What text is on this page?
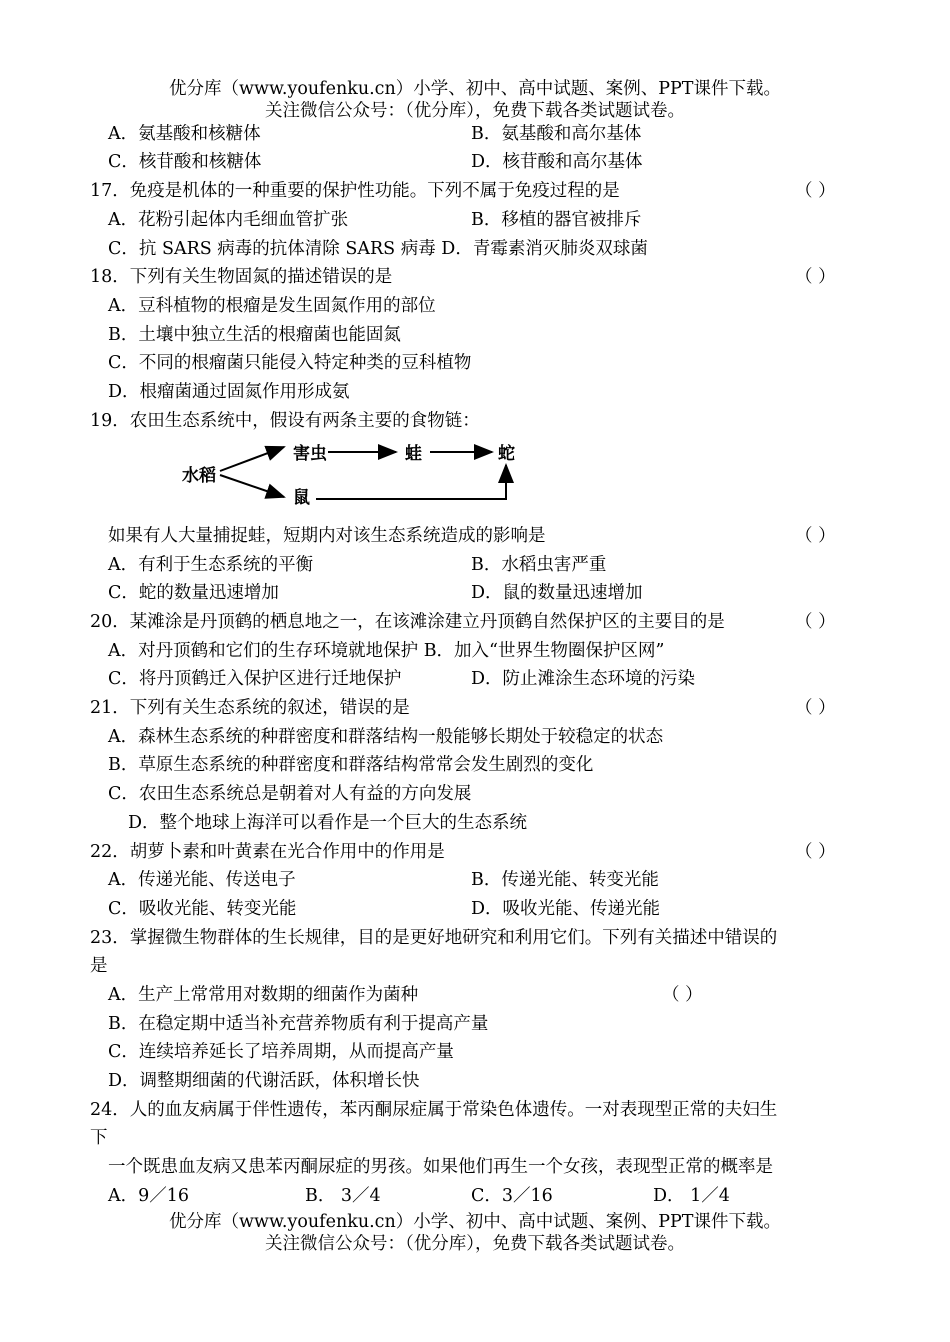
优分库（www.youfenku.cn）小学、初中、高中试题、案例、PPT课件下载。
关注微信公众号：（优分库），免费下载各类试题试卷。
A．氨基酸和核糖体	B．氨基酸和高尔基体
C．核苷酸和核糖体	D．核苷酸和高尔基体
17．免疫是机体的一种重要的保护性功能。下列不属于免疫过程的是	（ ）
A．花粉引起体内毛细血管扩张	B．移植的器官被排斥
C．抗 SARS 病毒的抗体清除 SARS 病毒 D．青霉素消灭肺炎双球菌
18．下列有关生物固氮的描述错误的是	（ ）
A．豆科植物的根瘤是发生固氮作用的部位
B．土壤中独立生活的根瘤菌也能固氮
C．不同的根瘤菌只能侵入特定种类的豆科植物
D．根瘤菌通过固氮作用形成氨
19．农田生态系统中，假设有两条主要的食物链：
水稻
害虫	蛙	蛇
鼠
如果有人大量捕捉蛙，短期内对该生态系统造成的影响是	（ ）
A．有利于生态系统的平衡	B．水稻虫害严重
C．蛇的数量迅速增加	D．鼠的数量迅速增加
20．某滩涂是丹顶鹤的栖息地之一，在该滩涂建立丹顶鹤自然保护区的主要目的是	（ ）
A．对丹顶鹤和它们的生存环境就地保护 B．加入“世界生物圈保护区网”
C．将丹顶鹤迁入保护区进行迁地保护	D．防止滩涂生态环境的污染
21．下列有关生态系统的叙述，错误的是	（ ）
A．森林生态系统的种群密度和群落结构一般能够长期处于较稳定的状态
B．草原生态系统的种群密度和群落结构常常会发生剧烈的变化
C．农田生态系统总是朝着对人有益的方向发展
D．整个地球上海洋可以看作是一个巨大的生态系统
22．胡萝卜素和叶黄素在光合作用中的作用是	（ ）
A．传递光能、传送电子	B．传递光能、转变光能
C．吸收光能、转变光能	D．吸收光能、传递光能
23．掌握微生物群体的生长规律，目的是更好地研究和利用它们。下列有关描述中错误的
是
A．生产上常常用对数期的细菌作为菌种	（ ）
B．在稳定期中适当补充营养物质有利于提高产量
C．连续培养延长了培养周期，从而提高产量
D．调整期细菌的代谢活跃，体积增长快
24．人的血友病属于伴性遗传，苯丙酮尿症属于常染色体遗传。一对表现型正常的夫妇生
下
一个既患血友病又患苯丙酮尿症的男孩。如果他们再生一个女孩，表现型正常的概率是
A．9／16	B． 3／4	C．3／16	D． 1／4
优分库（www.youfenku.cn）小学、初中、高中试题、案例、PPT课件下载。
关注微信公众号：（优分库），免费下载各类试题试卷。
